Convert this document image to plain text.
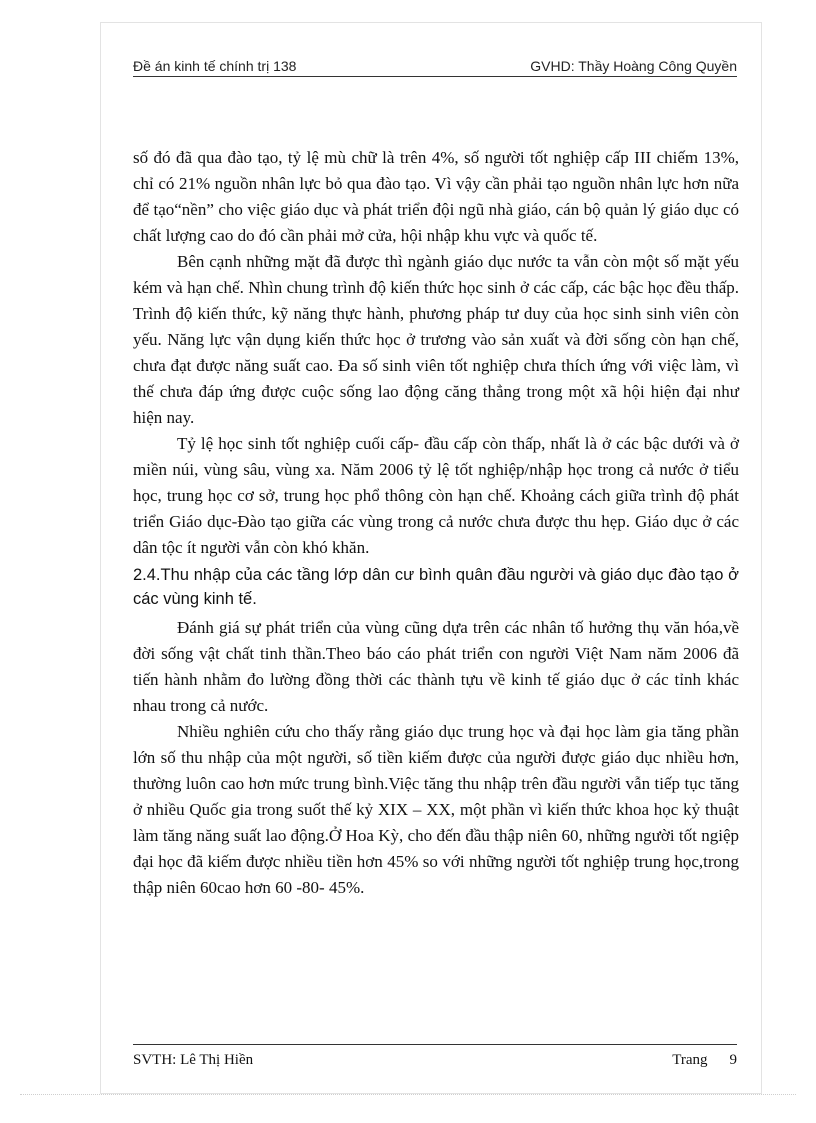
Đề án kinh tế chính trị 138	GVHD: Thầy Hoàng Công Quyền

số đó đã qua đào tạo, tỷ lệ mù chữ là trên 4%, số người tốt nghiệp cấp III chiếm 13%, chỉ có 21% nguồn nhân lực bỏ qua đào tạo. Vì vậy cần phải tạo nguồn nhân lực hơn nữa để tạo“nền” cho việc giáo dục và phát triển đội ngũ nhà giáo, cán bộ quản lý giáo dục có chất lượng cao do đó cần phải mở cửa, hội nhập khu vực và quốc tế.

Bên cạnh những mặt đã được thì ngành giáo dục nước ta vẫn còn một số mặt yếu kém và hạn chế. Nhìn chung trình độ kiến thức học sinh ở các cấp, các bậc học đều thấp. Trình độ kiến thức, kỹ năng thực hành, phương pháp tư duy của học sinh sinh viên còn yếu. Năng lực vận dụng kiến thức học ở trương vào sản xuất và đời sống còn hạn chế, chưa đạt được năng suất cao. Đa số sinh viên tốt nghiệp chưa thích ứng với việc làm, vì thế chưa đáp ứng được cuộc sống lao động căng thẳng trong một xã hội hiện đại như hiện nay.

Tỷ lệ học sinh tốt nghiệp cuối cấp- đầu cấp còn thấp, nhất là ở các bậc dưới và ở miền núi, vùng sâu, vùng xa. Năm 2006 tỷ lệ tốt nghiệp/nhập học trong cả nước ở tiểu học, trung học cơ sở, trung học phổ thông còn hạn chế. Khoảng cách giữa trình độ phát triển Giáo dục-Đào tạo giữa các vùng trong cả nước chưa được thu hẹp. Giáo dục ở các dân tộc ít người vẫn còn khó khăn.

2.4.Thu nhập của các tầng lớp dân cư bình quân đầu người và giáo dục đào tạo ở các vùng kinh tế.

Đánh giá sự phát triển của vùng cũng dựa trên các nhân tố hưởng thụ văn hóa,về đời sống vật chất tinh thần.Theo báo cáo phát triển con người Việt Nam năm 2006 đã tiến hành nhằm đo lường đồng thời các thành tựu về kinh tế giáo dục ở các tỉnh khác nhau trong cả nước.

Nhiều nghiên cứu cho thấy rằng giáo dục trung học và đại học làm gia tăng phần lớn số thu nhập của một người, số tiền kiếm được của người được giáo dục nhiều hơn, thường luôn cao hơn mức trung bình.Việc tăng thu nhập trên đầu người vẫn tiếp tục tăng ở nhiều Quốc gia trong suốt thế kỷ XIX – XX, một phần vì kiến thức khoa học kỷ thuật làm tăng năng suất lao động.Ở Hoa Kỳ, cho đến đầu thập niên 60, những người tốt ngiệp đại học đã kiếm được nhiều tiền hơn 45% so với những người tốt nghiệp trung học,trong thập niên 60cao hơn 60 -80- 45%.

SVTH: Lê Thị Hiền	Trang 9
